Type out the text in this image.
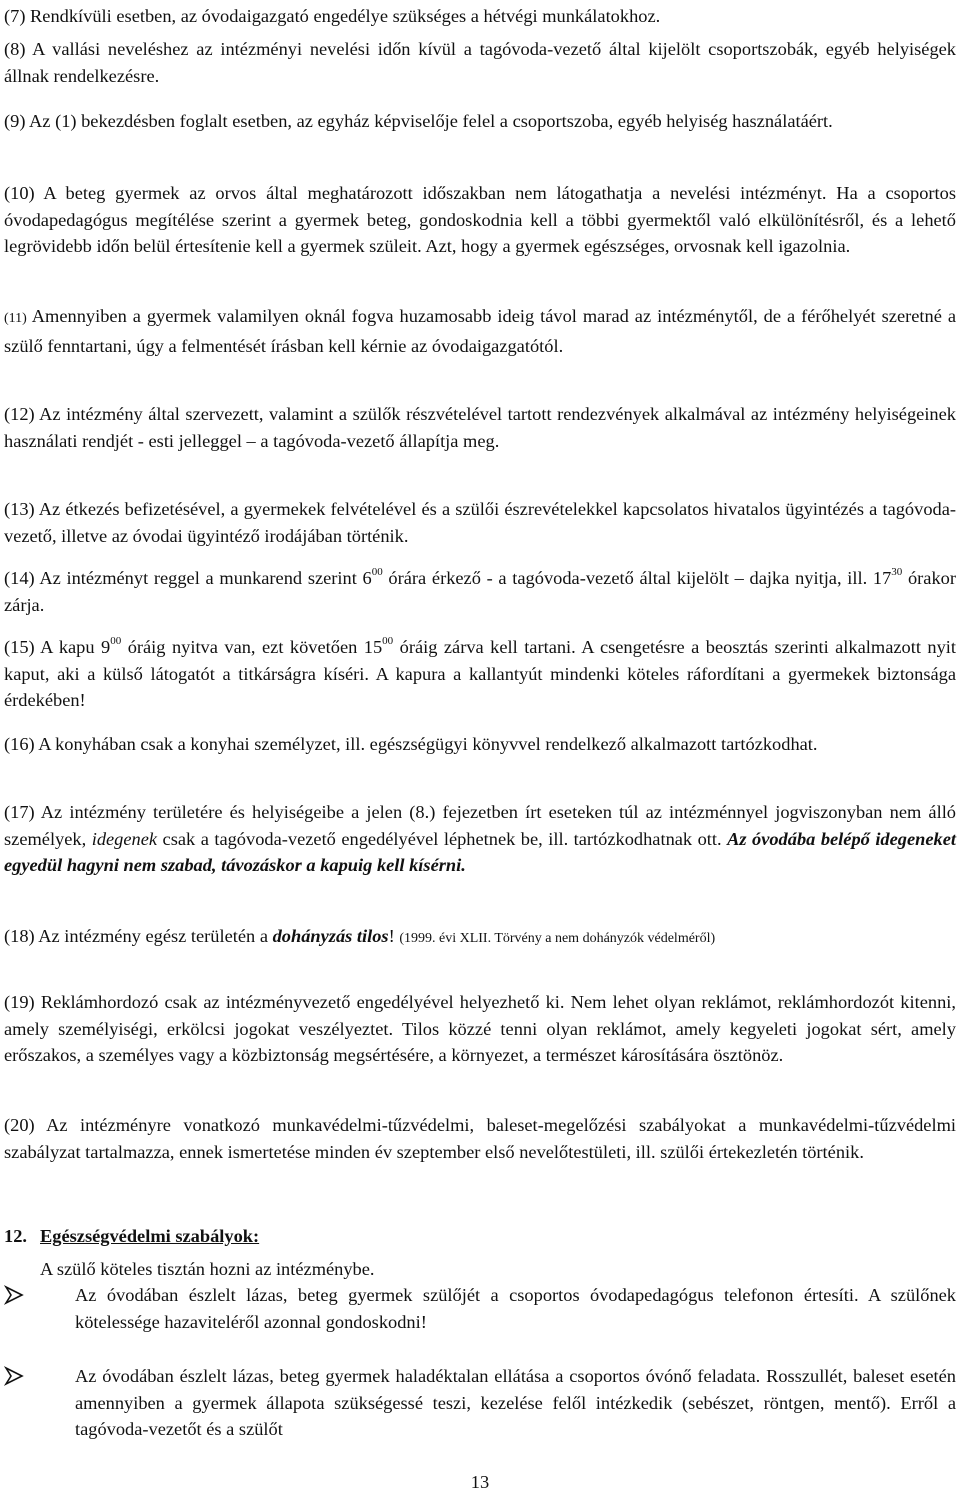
(7) Rendkívüli esetben, az óvodaigazgató engedélye szükséges a hétvégi munkálatokhoz.

(8) A vallási neveléshez az intézményi nevelési időn kívül a tagóvoda-vezető által kijelölt csoportszobák, egyéb helyiségek állnak rendelkezésre.

(9) Az (1) bekezdésben foglalt esetben, az egyház képviselője felel a csoportszoba, egyéb helyiség használatáért.

(10) A beteg gyermek az orvos által meghatározott időszakban nem látogathatja a nevelési intézményt. Ha a csoportos óvodapedagógus megítélése szerint a gyermek beteg, gondoskodnia kell a többi gyermektől való elkülönítésről, és a lehető legrövidebb időn belül értesítenie kell a gyermek szüleit. Azt, hogy a gyermek egészséges, orvosnak kell igazolnia.

(11) Amennyiben a gyermek valamilyen oknál fogva huzamosabb ideig távol marad az intézménytől, de a férőhelyét szeretné a szülő fenntartani, úgy a felmentését írásban kell kérnie az óvodaigazgatótól.

(12) Az intézmény által szervezett, valamint a szülők részvételével tartott rendezvények alkalmával az intézmény helyiségeinek használati rendjét - esti jelleggel – a tagóvoda-vezető állapítja meg.

(13) Az étkezés befizetésével, a gyermekek felvételével és a szülői észrevételekkel kapcsolatos hivatalos ügyintézés a tagóvoda-vezető, illetve az óvodai ügyintéző irodájában történik.

(14) Az intézményt reggel a munkarend szerint $6^{00}$ órára érkező - a tagóvoda-vezető által kijelölt – dajka nyitja, ill. $17^{30}$ órakor zárja.

(15) A kapu $9^{00}$ óráig nyitva van, ezt követően $15^{00}$ óráig zárva kell tartani. A csengetésre a beosztás szerinti alkalmazott nyit kaput, aki a külső látogatót a titkárságra kíséri. A kapura a kallantyút mindenki köteles ráfordítani a gyermekek biztonsága érdekében!

(16) A konyhában csak a konyhai személyzet, ill. egészségügyi könyvvel rendelkező alkalmazott tartózkodhat.

(17) Az intézmény területére és helyiségeibe a jelen (8.) fejezetben írt eseteken túl az intézménnyel jogviszonyban nem álló személyek, idegenek csak a tagóvoda-vezető engedélyével léphetnek be, ill. tartózkodhatnak ott. Az óvodába belépő idegeneket egyedül hagyni nem szabad, távozáskor a kapuig kell kísérni.

(18) Az intézmény egész területén a dohányzás tilos! (1999. évi XLII. Törvény a nem dohányzók védelméről)

(19) Reklámhordozó csak az intézményvezető engedélyével helyezhető ki. Nem lehet olyan reklámot, reklámhordozót kitenni, amely személyiségi, erkölcsi jogokat veszélyeztet. Tilos közzé tenni olyan reklámot, amely kegyeleti jogokat sért, amely erőszakos, a személyes vagy a közbiztonság megsértésére, a környezet, a természet károsítására ösztönöz.

(20) Az intézményre vonatkozó munkavédelmi-tűzvédelmi, baleset-megelőzési szabályokat a munkavédelmi-tűzvédelmi szabályzat tartalmazza, ennek ismertetése minden év szeptember első nevelőtestületi, ill. szülői értekezletén történik.

12. Egészségvédelmi szabályok:
A szülő köteles tisztán hozni az intézménybe.
Az óvodában észlelt lázas, beteg gyermek szülőjét a csoportos óvodapedagógus telefonon értesíti. A szülőnek kötelessége hazaviteléről azonnal gondoskodni!
Az óvodában észlelt lázas, beteg gyermek haladéktalan ellátása a csoportos óvónő feladata. Rosszullét, baleset esetén amennyiben a gyermek állapota szükségessé teszi, kezelése felől intézkedik (sebészet, röntgen, mentő). Erről a tagóvoda-vezetőt és a szülőt
13
